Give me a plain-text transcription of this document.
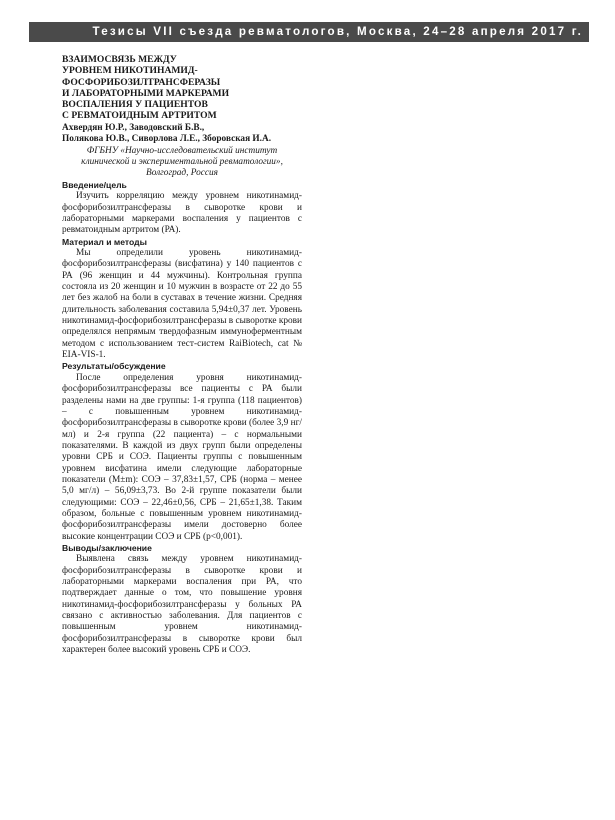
Тезисы VII съезда ревматологов, Москва, 24–28 апреля 2017 г.
ВЗАИМОСВЯЗЬ МЕЖДУ
УРОВНЕМ НИКОТИНАМИД-
ФОСФОРИБОЗИЛТРАНСФЕРАЗЫ
И ЛАБОРАТОРНЫМИ МАРКЕРАМИ
ВОСПАЛЕНИЯ У ПАЦИЕНТОВ
С РЕВМАТОИДНЫМ АРТРИТОМ
Ахвердян Ю.Р., Заводовский Б.В.,
Полякова Ю.В., Сиворлова Л.Е., Зборовская И.А.
ФГБНУ «Научно-исследовательский институт
клинической и экспериментальной ревматологии»,
Волгоград, Россия
Введение/цель

Изучить корреляцию между уровнем никотинамид-фосфорибозилтрансферазы в сыворотке крови и лабораторными маркерами воспаления у пациентов с ревматоидным артритом (РА).

Материал и методы

Мы определили уровень никотинамид-фосфорибозилтрансферазы (висфатина) у 140 пациентов с РА (96 женщин и 44 мужчины). Контрольная группа состояла из 20 женщин и 10 мужчин в возрасте от 22 до 55 лет без жалоб на боли в суставах в течение жизни. Средняя длительность заболевания составила 5,94±0,37 лет. Уровень никотинамид-фосфорибозилтрансферазы в сыворотке крови определялся непрямым твердофазным иммуноферментным методом с использованием тест-систем RaiBiotech, cat № EIA-VIS-1.

Результаты/обсуждение

После определения уровня никотинамид-фосфорибозилтрансферазы все пациенты с РА были разделены нами на две группы: 1-я группа (118 пациентов) – с повышенным уровнем никотинамид-фосфорибозилтрансферазы в сыворотке крови (более 3,9 нг/мл) и 2-я группа (22 пациента) – с нормальными показателями. В каждой из двух групп были определены уровни СРБ и СОЭ. Пациенты группы с повышенным уровнем висфатина имели следующие лабораторные показатели (M±m): СОЭ – 37,83±1,57, СРБ (норма – менее 5,0 мг/л) – 56,09±3,73. Во 2-й группе показатели были следующими: СОЭ – 22,46±0,56, СРБ – 21,65±1,38. Таким образом, больные с повышенным уровнем никотинамид-фосфорибозилтрансферазы имели достоверно более высокие концентрации СОЭ и СРБ (p<0,001).

Выводы/заключение

Выявлена связь между уровнем никотинамид-фосфорибозилтрансферазы в сыворотке крови и лабораторными маркерами воспаления при РА, что подтверждает данные о том, что повышение уровня никотинамид-фосфорибозилтрансферазы у больных РА связано с активностью заболевания. Для пациентов с повышенным уровнем никотинамид-фосфорибозилтрансферазы в сыворотке крови был характерен более высокий уровень СРБ и СОЭ.
